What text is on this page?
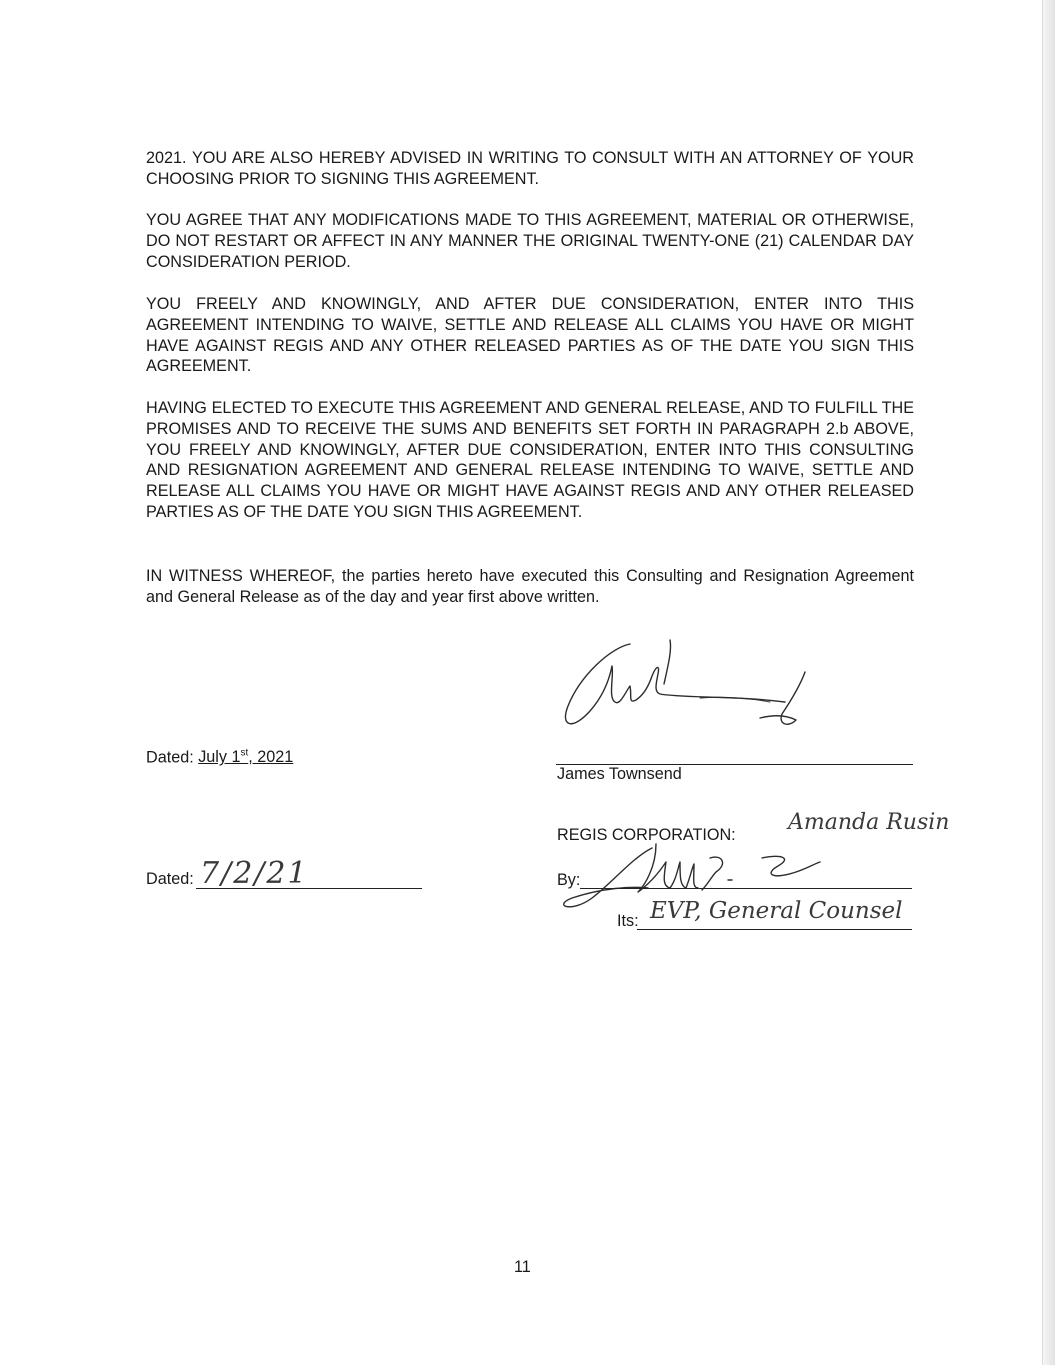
2021. YOU ARE ALSO HEREBY ADVISED IN WRITING TO CONSULT WITH AN ATTORNEY OF YOUR CHOOSING PRIOR TO SIGNING THIS AGREEMENT.

YOU AGREE THAT ANY MODIFICATIONS MADE TO THIS AGREEMENT, MATERIAL OR OTHERWISE, DO NOT RESTART OR AFFECT IN ANY MANNER THE ORIGINAL TWENTY-ONE (21) CALENDAR DAY CONSIDERATION PERIOD.

YOU FREELY AND KNOWINGLY, AND AFTER DUE CONSIDERATION, ENTER INTO THIS AGREEMENT INTENDING TO WAIVE, SETTLE AND RELEASE ALL CLAIMS YOU HAVE OR MIGHT HAVE AGAINST REGIS AND ANY OTHER RELEASED PARTIES AS OF THE DATE YOU SIGN THIS AGREEMENT.

HAVING ELECTED TO EXECUTE THIS AGREEMENT AND GENERAL RELEASE, AND TO FULFILL THE PROMISES AND TO RECEIVE THE SUMS AND BENEFITS SET FORTH IN PARAGRAPH 2.b ABOVE, YOU FREELY AND KNOWINGLY, AFTER DUE CONSIDERATION, ENTER INTO THIS CONSULTING AND RESIGNATION AGREEMENT AND GENERAL RELEASE INTENDING TO WAIVE, SETTLE AND RELEASE ALL CLAIMS YOU HAVE OR MIGHT HAVE AGAINST REGIS AND ANY OTHER RELEASED PARTIES AS OF THE DATE YOU SIGN THIS AGREEMENT.

IN WITNESS WHEREOF, the parties hereto have executed this Consulting and Resignation Agreement and General Release as of the day and year first above written.

Dated: July 1st, 2021
James Townsend
Dated: 7/2/21
REGIS CORPORATION: Amanda Rusin
By:
Its: EVP, General Counsel
11
